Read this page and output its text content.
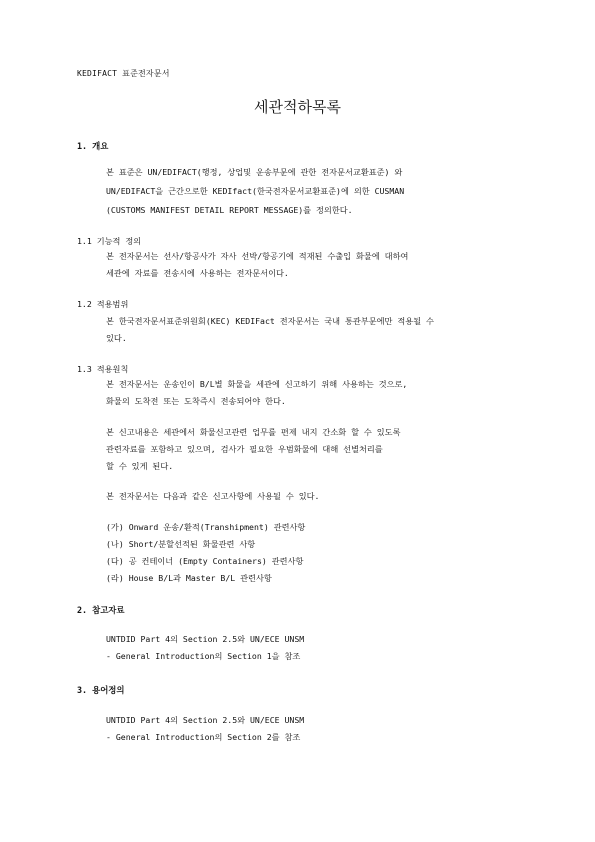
KEDIFACT 표준전자문서
세관적하목록
1. 개요
본 표준은 UN/EDIFACT(행정, 상업및 운송부문에 관한 전자문서교환표준) 와
UN/EDIFACT을 근간으로한 KEDIfact(한국전자문서교환표준)에 의한 CUSMAN
(CUSTOMS MANIFEST DETAIL REPORT MESSAGE)를 정의한다.
1.1 기능적 정의
본 전자문서는 선사/항공사가 자사 선박/항공기에 적재된 수출입 화물에 대하여
세관에 자료를 전송시에 사용하는 전자문서이다.
1.2 적용범위
본 한국전자문서표준위원회(KEC) KEDIFact 전자문서는 국내 통관부문에만 적용될 수
있다.
1.3 적용원칙
본 전자문서는 운송인이 B/L별 화물을 세관에 신고하기 위해 사용하는 것으로,
화물의 도착전 또는 도착즉시 전송되어야 한다.
본 신고내용은 세관에서 화물신고관련 업무를 편제 내지 간소화 할 수 있도록
관련자료를 포함하고 있으며, 검사가 필요한 우범화물에 대해 선별처리를
할 수 있게 된다.
본 전자문서는 다음과 같은 신고사항에 사용될 수 있다.
(가) Onward 운송/환적(Transhipment) 관련사항
(나) Short/분할선적된 화물관련 사항
(다) 공 컨테이너 (Empty Containers) 관련사항
(라) House B/L과 Master B/L 관련사항
2. 참고자료
UNTDID Part 4의 Section 2.5와 UN/ECE UNSM
- General Introduction의 Section 1을 참조
3. 용어정의
UNTDID Part 4의 Section 2.5와 UN/ECE UNSM
- General Introduction의 Section 2를 참조
